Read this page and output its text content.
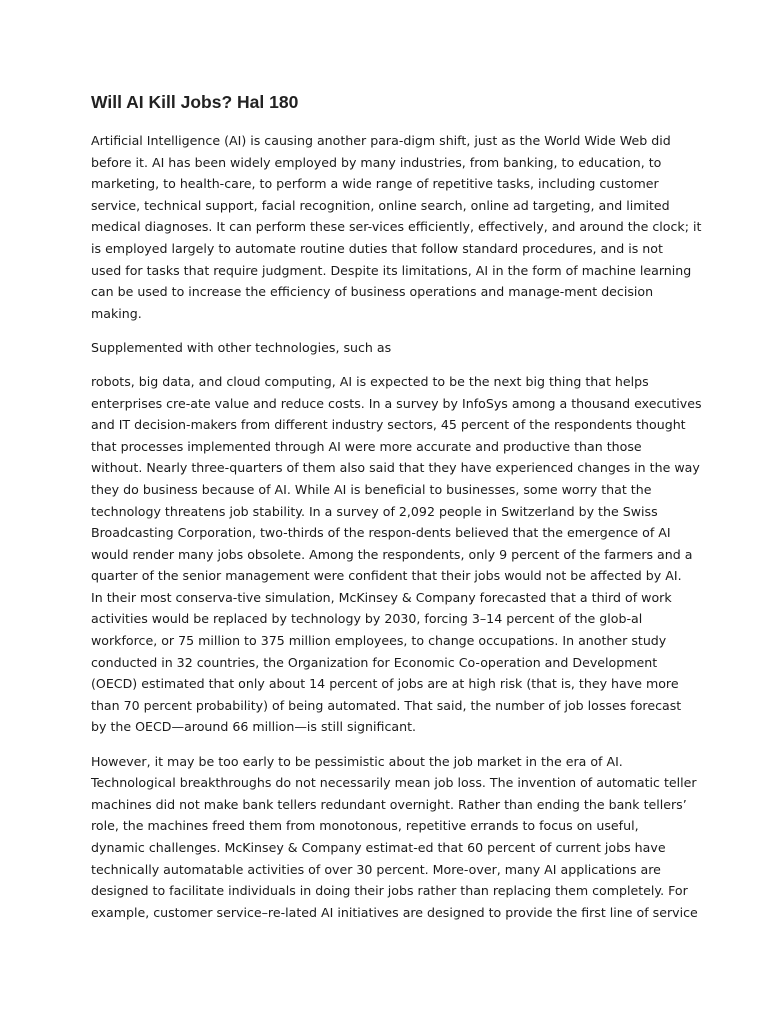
Will AI Kill Jobs? Hal 180

Artificial Intelligence (AI) is causing another para-digm shift, just as the World Wide Web did
before it. AI has been widely employed by many industries, from banking, to education, to
marketing, to health-care, to perform a wide range of repetitive tasks, including customer
service, technical support, facial recognition, online search, online ad targeting, and limited
medical diagnoses. It can perform these ser-vices efficiently, effectively, and around the clock; it
is employed largely to automate routine duties that follow standard procedures, and is not
used for tasks that require judgment. Despite its limitations, AI in the form of machine learning
can be used to increase the efficiency of business operations and manage-ment decision
making.

Supplemented with other technologies, such as

robots, big data, and cloud computing, AI is expected to be the next big thing that helps
enterprises cre-ate value and reduce costs. In a survey by InfoSys among a thousand executives
and IT decision-makers from different industry sectors, 45 percent of the respondents thought
that processes implemented through AI were more accurate and productive than those
without. Nearly three-quarters of them also said that they have experienced changes in the way
they do business because of AI. While AI is beneficial to businesses, some worry that the
technology threatens job stability. In a survey of 2,092 people in Switzerland by the Swiss
Broadcasting Corporation, two-thirds of the respon-dents believed that the emergence of AI
would render many jobs obsolete. Among the respondents, only 9 percent of the farmers and a
quarter of the senior management were confident that their jobs would not be affected by AI.
In their most conserva-tive simulation, McKinsey & Company forecasted that a third of work
activities would be replaced by technology by 2030, forcing 3–14 percent of the glob-al
workforce, or 75 million to 375 million employees, to change occupations. In another study
conducted in 32 countries, the Organization for Economic Co-operation and Development
(OECD) estimated that only about 14 percent of jobs are at high risk (that is, they have more
than 70 percent probability) of being automated. That said, the number of job losses forecast
by the OECD—around 66 million—is still significant.

However, it may be too early to be pessimistic about the job market in the era of AI.
Technological breakthroughs do not necessarily mean job loss. The invention of automatic teller
machines did not make bank tellers redundant overnight. Rather than ending the bank tellers’
role, the machines freed them from monotonous, repetitive errands to focus on useful,
dynamic challenges. McKinsey & Company estimat-ed that 60 percent of current jobs have
technically automatable activities of over 30 percent. More-over, many AI applications are
designed to facilitate individuals in doing their jobs rather than replacing them completely. For
example, customer service–re-lated AI initiatives are designed to provide the first line of service
